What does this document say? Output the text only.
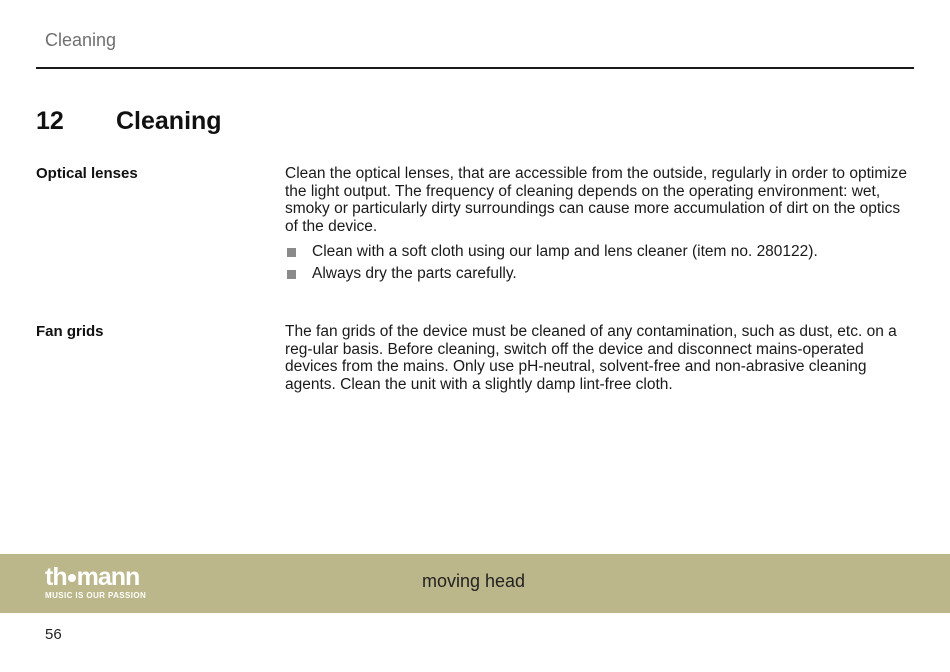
Cleaning
12 Cleaning
Optical lenses	Clean the optical lenses, that are accessible from the outside, regularly in order to optimize the light output. The frequency of cleaning depends on the operating environment: wet, smoky or particularly dirty surroundings can cause more accumulation of dirt on the optics of the device.

Clean with a soft cloth using our lamp and lens cleaner (item no. 280122).
Always dry the parts carefully.
Fan grids	The fan grids of the device must be cleaned of any contamination, such as dust, etc. on a reg-ular basis. Before cleaning, switch off the device and disconnect mains-operated devices from the mains. Only use pH-neutral, solvent-free and non-abrasive cleaning agents. Clean the unit with a slightly damp lint-free cloth.

th mann
MUSIC IS OUR PASSION
moving head
56
